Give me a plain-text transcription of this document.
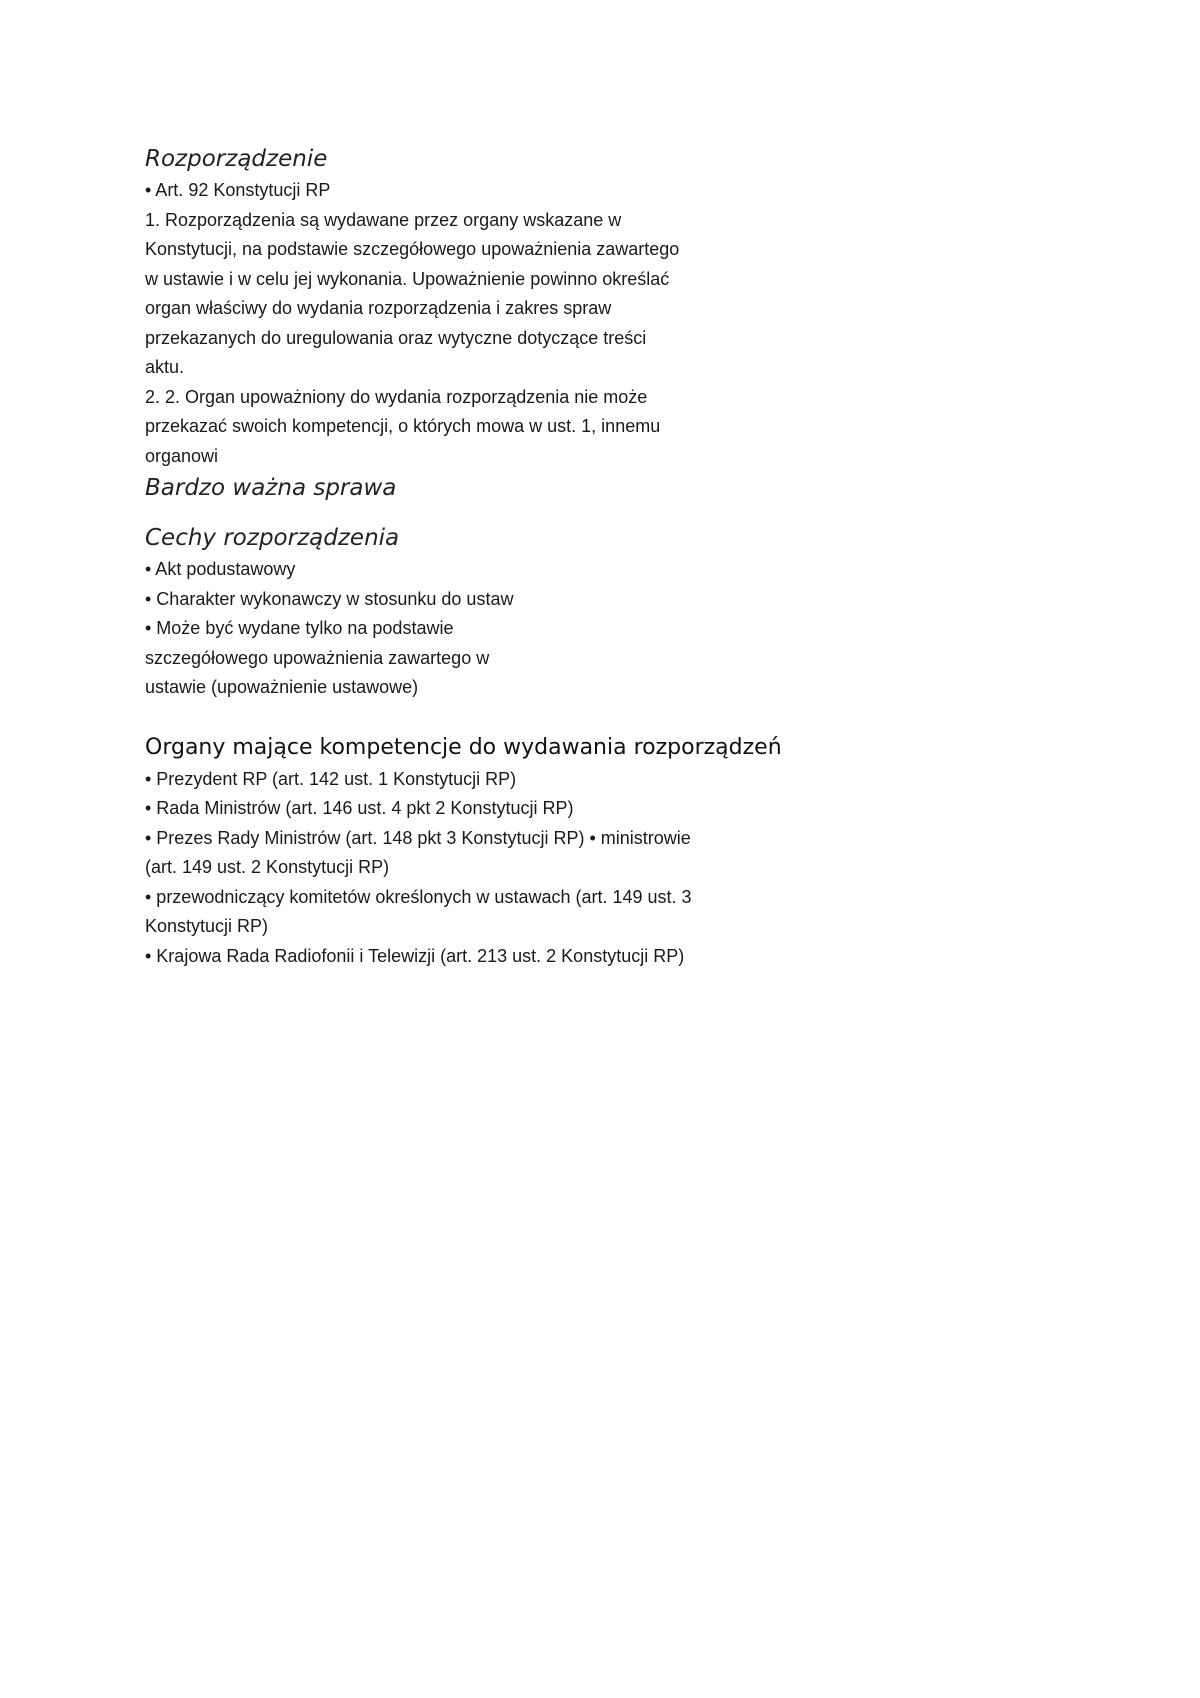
Rozporządzenie

• Art. 92 Konstytucji RP

1. Rozporządzenia są wydawane przez organy wskazane w

Konstytucji, na podstawie szczegółowego upoważnienia zawartego

w ustawie i w celu jej wykonania. Upoważnienie powinno określać

organ właściwy do wydania rozporządzenia i zakres spraw

przekazanych do uregulowania oraz wytyczne dotyczące treści

aktu.

2. 2. Organ upoważniony do wydania rozporządzenia nie może

przekazać swoich kompetencji, o których mowa w ust. 1, innemu

organowi

Bardzo ważna sprawa
Cechy rozporządzenia

• Akt podustawowy

• Charakter wykonawczy w stosunku do ustaw

• Może być wydane tylko na podstawie

szczegółowego upoważnienia zawartego w

ustawie (upoważnienie ustawowe)

Organy mające kompetencje do wydawania rozporządzeń

• Prezydent RP (art. 142 ust. 1 Konstytucji RP)

• Rada Ministrów (art. 146 ust. 4 pkt 2 Konstytucji RP)

• Prezes Rady Ministrów (art. 148 pkt 3 Konstytucji RP) • ministrowie

(art. 149 ust. 2 Konstytucji RP)

• przewodniczący komitetów określonych w ustawach (art. 149 ust. 3

Konstytucji RP)

• Krajowa Rada Radiofonii i Telewizji (art. 213 ust. 2 Konstytucji RP)
